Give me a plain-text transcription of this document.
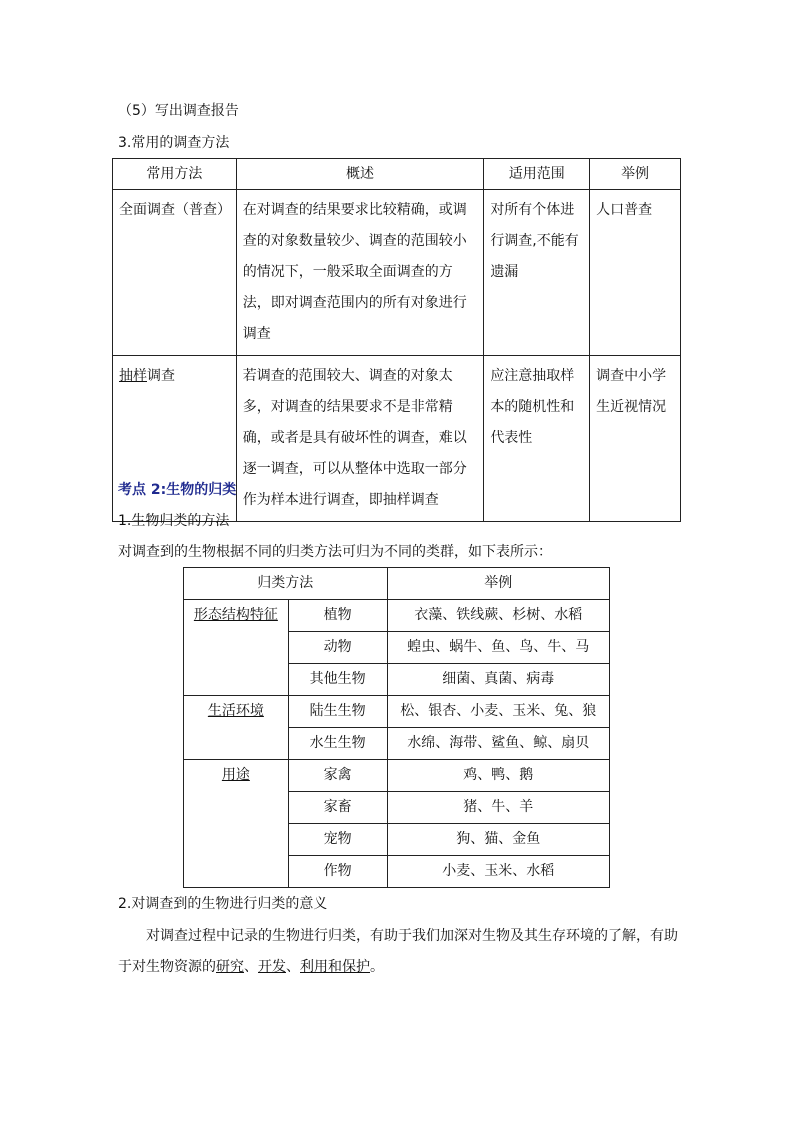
（5）写出调查报告
3.常用的调查方法
常用方法	概述	适用范围	举例
全面调查（普查）	在对调查的结果要求比较精确，或调查的对象数量较少、调查的范围较小的情况下，一般采取全面调查的方法，即对调查范围内的所有对象进行调查	对所有个体进行调查,不能有遗漏	人口普查
抽样调查	若调查的范围较大、调查的对象太多，对调查的结果要求不是非常精确，或者是具有破坏性的调查，难以逐一调查，可以从整体中选取一部分作为样本进行调查，即抽样调查	应注意抽取样本的随机性和代表性	调查中小学生近视情况
考点 2:生物的归类
1.生物归类的方法
对调查到的生物根据不同的归类方法可归为不同的类群，如下表所示：
归类方法		举例
形态结构特征	植物	衣藻、铁线蕨、杉树、水稻
	动物	蝗虫、蜗牛、鱼、鸟、牛、马
	其他生物	细菌、真菌、病毒
生活环境	陆生生物	松、银杏、小麦、玉米、兔、狼
	水生生物	水绵、海带、鲨鱼、鲸、扇贝
用途	家禽	鸡、鸭、鹅
	家畜	猪、牛、羊
	宠物	狗、猫、金鱼
	作物	小麦、玉米、水稻
2.对调查到的生物进行归类的意义
对调查过程中记录的生物进行归类，有助于我们加深对生物及其生存环境的了解，有助
于对生物资源的研究、开发、利用和保护。
